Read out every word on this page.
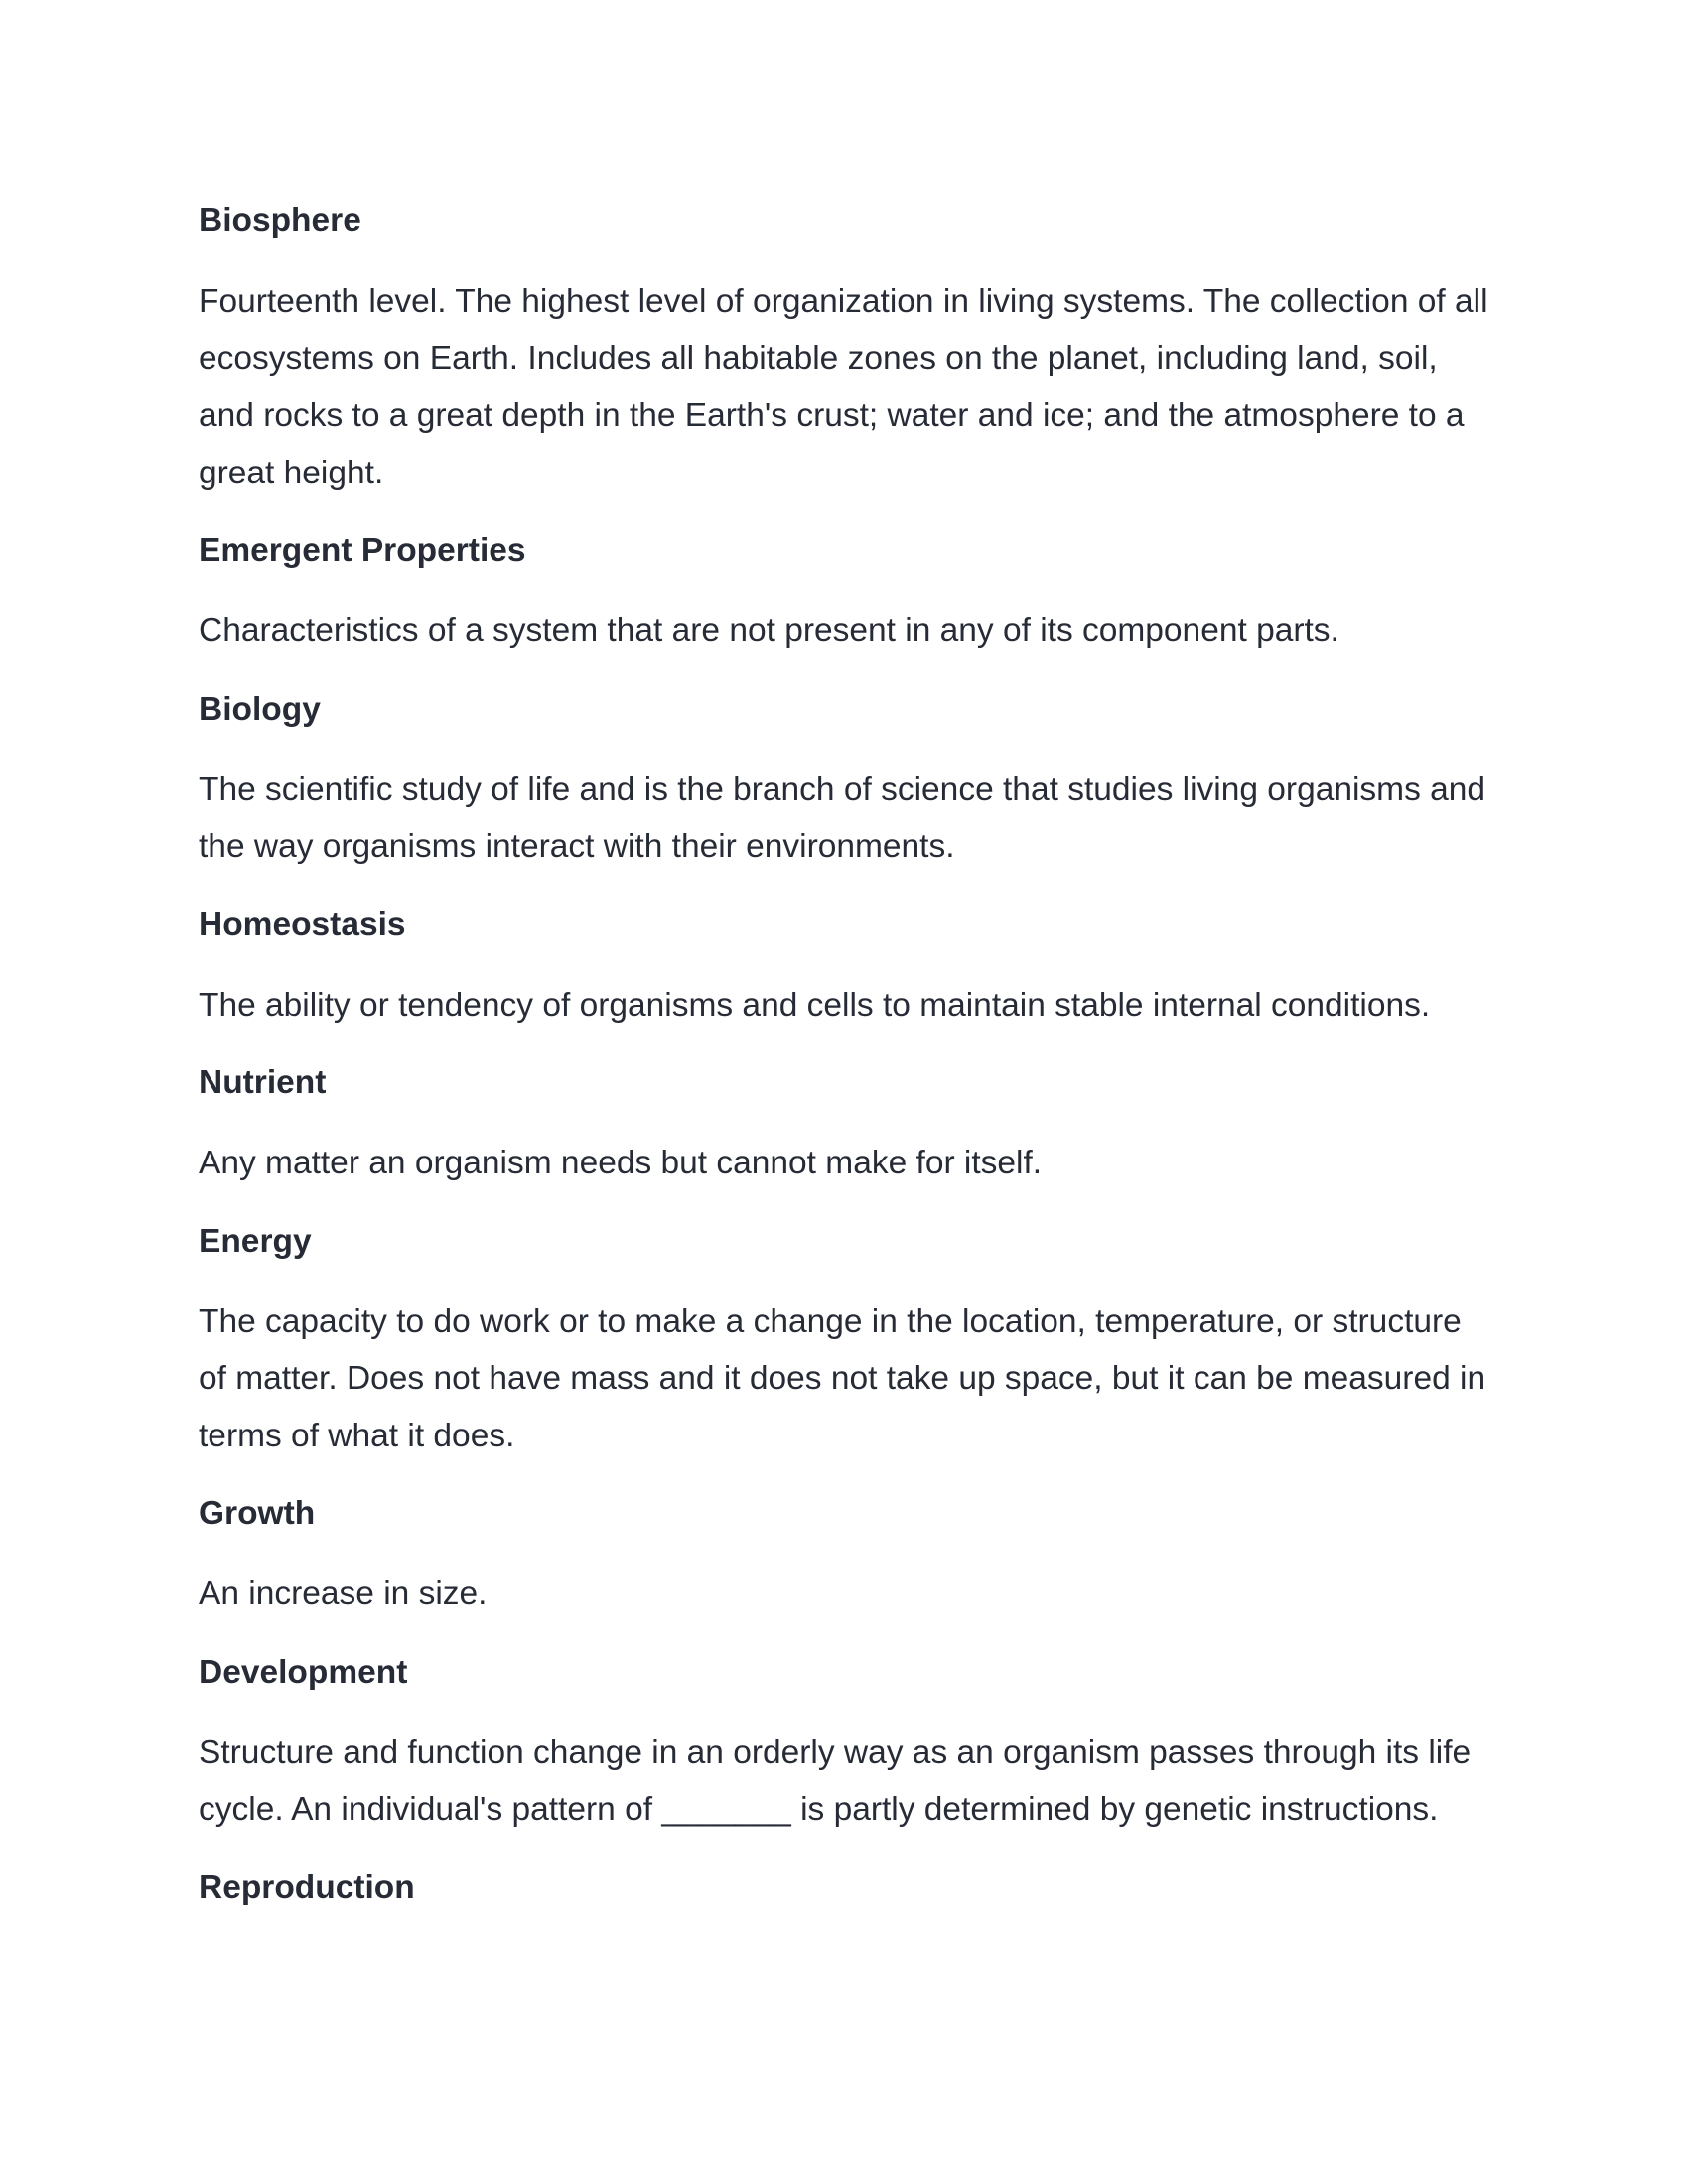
Biosphere
Fourteenth level. The highest level of organization in living systems. The collection of all
ecosystems on Earth. Includes all habitable zones on the planet, including land, soil,
and rocks to a great depth in the Earth's crust; water and ice; and the atmosphere to a
great height.
Emergent Properties
Characteristics of a system that are not present in any of its component parts.
Biology
The scientific study of life and is the branch of science that studies living organisms and
the way organisms interact with their environments.
Homeostasis
The ability or tendency of organisms and cells to maintain stable internal conditions.
Nutrient
Any matter an organism needs but cannot make for itself.
Energy
The capacity to do work or to make a change in the location, temperature, or structure
of matter. Does not have mass and it does not take up space, but it can be measured in
terms of what it does.
Growth
An increase in size.
Development
Structure and function change in an orderly way as an organism passes through its life
cycle. An individual's pattern of _______ is partly determined by genetic instructions.
Reproduction
